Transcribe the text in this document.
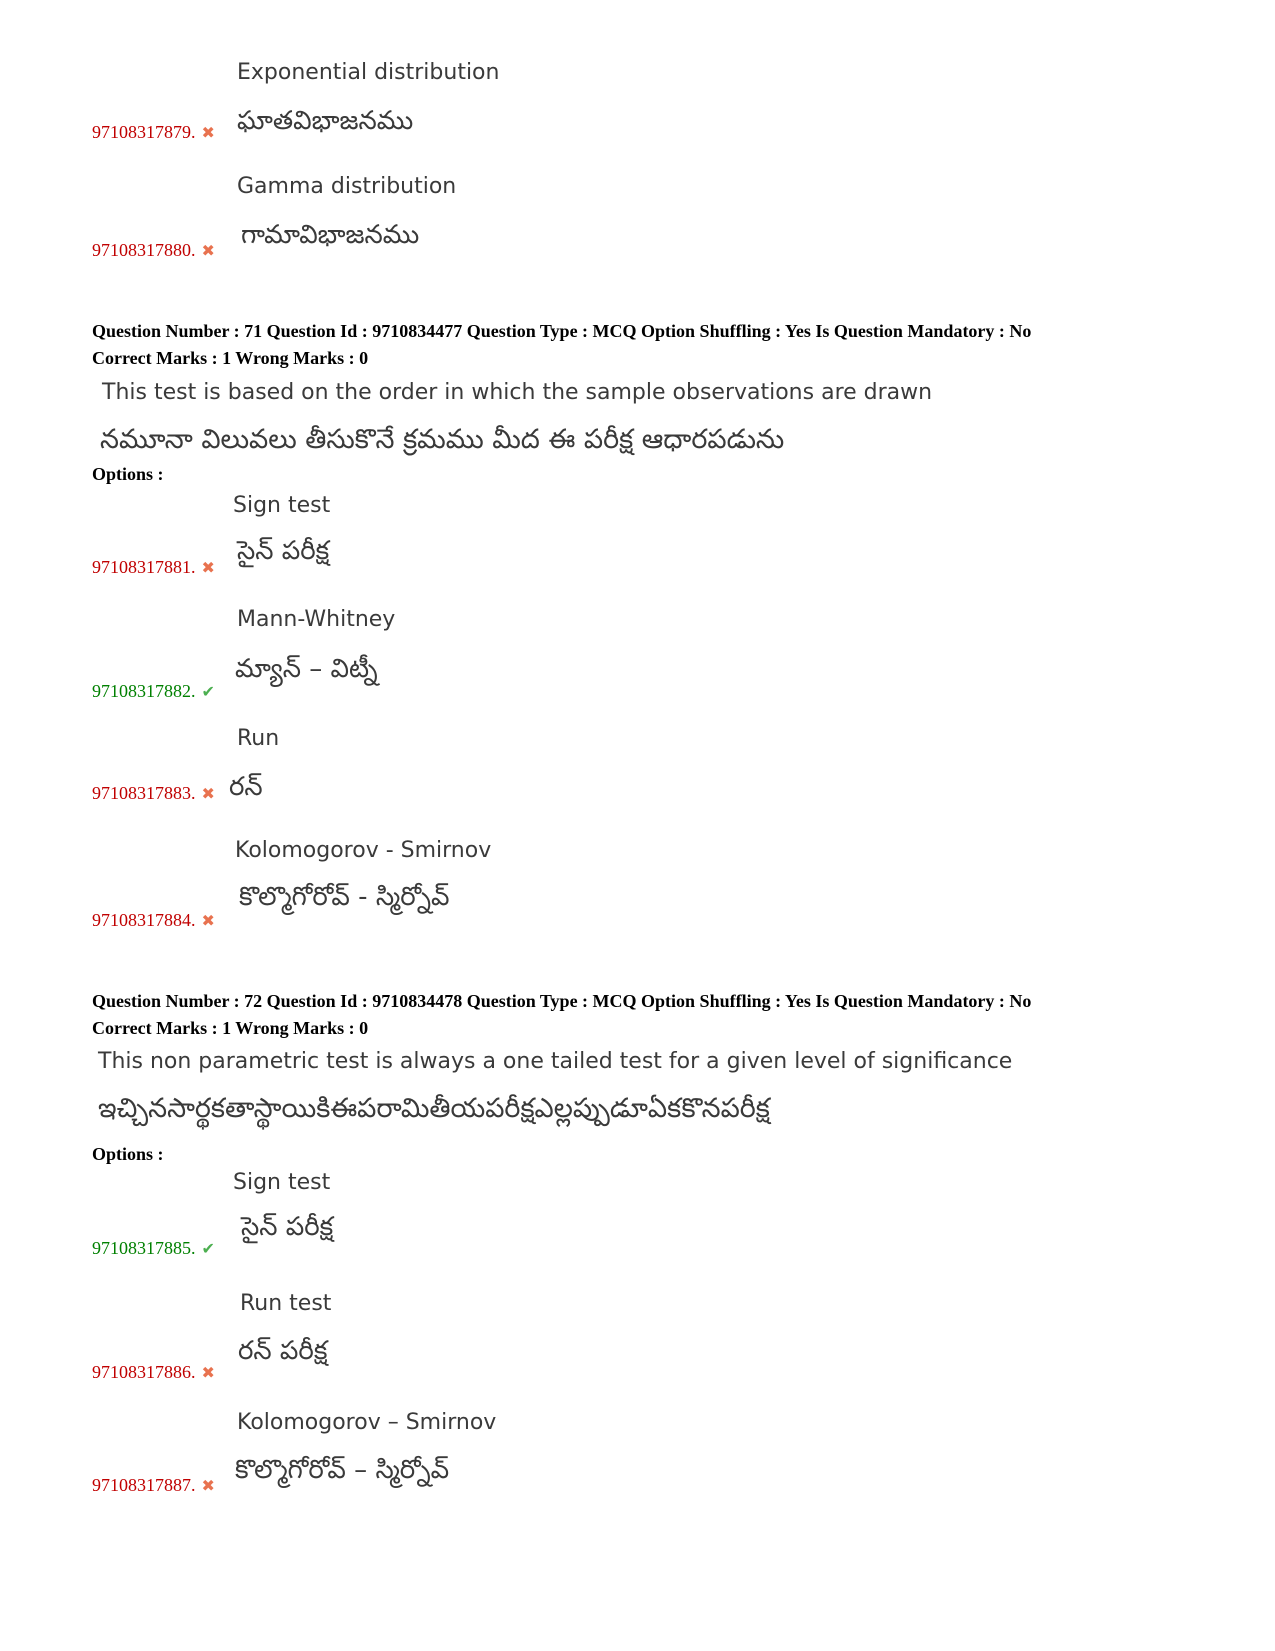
Exponential distribution
ఘాతవిభాజనము
97108317879. ✖
Gamma distribution
గామావిభాజనము
97108317880. ✖
Question Number : 71 Question Id : 9710834477 Question Type : MCQ Option Shuffling : Yes Is Question Mandatory : No
Correct Marks : 1 Wrong Marks : 0
This test is based on the order in which the sample observations are drawn
నమూనా విలువలు తీసుకొనే క్రమము మీద ఈ పరీక్ష ఆధారపడును
Options :
Sign test
సైన్ పరీక్ష
97108317881. ✖
Mann-Whitney
మ్యాన్ – విట్నీ
97108317882. ✔
Run
97108317883. ✖ రన్
Kolomogorov - Smirnov
కొల్మొగోరోవ్ - స్మిర్నోవ్
97108317884. ✖
Question Number : 72 Question Id : 9710834478 Question Type : MCQ Option Shuffling : Yes Is Question Mandatory : No
Correct Marks : 1 Wrong Marks : 0
This non parametric test is always a one tailed test for a given level of significance
ఇచ్చినసార్థకతాస్థాయికిఈపరామితీయపరీక్షఎల్లప్పుడూఏకకొనపరీక్ష
Options :
Sign test
సైన్ పరీక్ష
97108317885. ✔
Run test
రన్ పరీక్ష
97108317886. ✖
Kolomogorov – Smirnov
కొల్మొగోరోవ్ – స్మిర్నోవ్
97108317887. ✖
